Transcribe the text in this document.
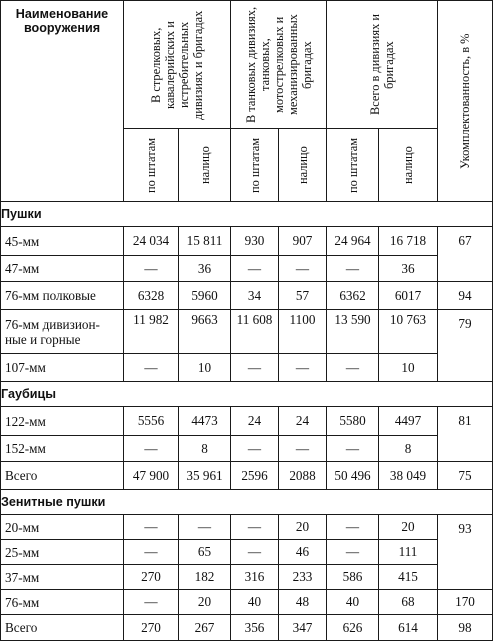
Наименование вооружения	В стрелковых, кавалерийских и истребительных дивизиях и бригадах		В танковых дивизиях, танковых, мотострелковых и механизированных бригадах		Всего в дивизиях и бригадах		Укомплектованность, в %

	по штатам	налицо	по штатам	налицо	по штатам	налицо	

Пушки							
45-мм	24 034	15 811	930	907	24 964	16 718	67
47-мм	—	36	—	—	—	36	
76-мм полковые	6328	5960	34	57	6362	6017	94
76-мм дивизион-
ные и горные	11 982	9663	11 608	1100	13 590	10 763	79
107-мм	—	10	—	—	—	10	
Гаубицы							
122-мм	5556	4473	24	24	5580	4497	81
152-мм	—	8	—	—	—	8	
Всего	47 900	35 961	2596	2088	50 496	38 049	75
Зенитные пушки							
20-мм	—	—	—	20	—	20	93
25-мм	—	65	—	46	—	111	
37-мм	270	182	316	233	586	415	
76-мм	—	20	40	48	40	68	170
Всего	270	267	356	347	626	614	98
